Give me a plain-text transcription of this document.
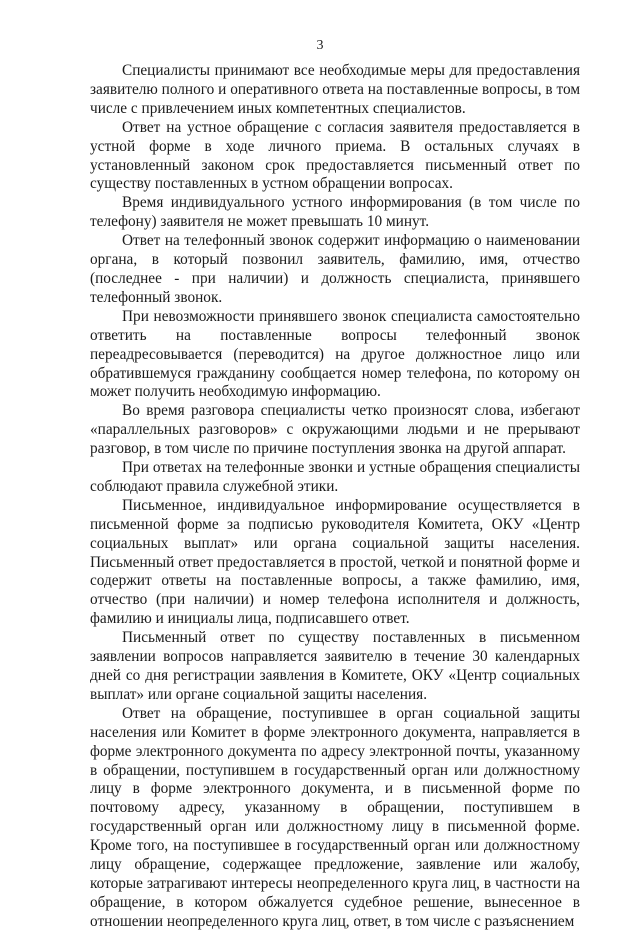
3

Специалисты принимают все необходимые меры для предоставления заявителю полного и оперативного ответа на поставленные вопросы, в том числе с привлечением иных компетентных специалистов.

Ответ на устное обращение с согласия заявителя предоставляется в устной форме в ходе личного приема. В остальных случаях в установленный законом срок предоставляется письменный ответ по существу поставленных в устном обращении вопросах.

Время индивидуального устного информирования (в том числе по телефону) заявителя не может превышать 10 минут.

Ответ на телефонный звонок содержит информацию о наименовании органа, в который позвонил заявитель, фамилию, имя, отчество (последнее - при наличии) и должность специалиста, принявшего телефонный звонок.

При невозможности принявшего звонок специалиста самостоятельно ответить на поставленные вопросы телефонный звонок переадресовывается (переводится) на другое должностное лицо или обратившемуся гражданину сообщается номер телефона, по которому он может получить необходимую информацию.

Во время разговора специалисты четко произносят слова, избегают «параллельных разговоров» с окружающими людьми и не прерывают разговор, в том числе по причине поступления звонка на другой аппарат.

При ответах на телефонные звонки и устные обращения специалисты соблюдают правила служебной этики.

Письменное, индивидуальное информирование осуществляется в письменной форме за подписью руководителя Комитета, ОКУ «Центр социальных выплат» или органа социальной защиты населения. Письменный ответ предоставляется в простой, четкой и понятной форме и содержит ответы на поставленные вопросы, а также фамилию, имя, отчество (при наличии) и номер телефона исполнителя и должность, фамилию и инициалы лица, подписавшего ответ.

Письменный ответ по существу поставленных в письменном заявлении вопросов направляется заявителю в течение 30 календарных дней со дня регистрации заявления в Комитете, ОКУ «Центр социальных выплат» или органе социальной защиты населения.

Ответ на обращение, поступившее в орган социальной защиты населения или Комитет в форме электронного документа, направляется в форме электронного документа по адресу электронной почты, указанному в обращении, поступившем в государственный орган или должностному лицу в форме электронного документа, и в письменной форме по почтовому адресу, указанному в обращении, поступившем в государственный орган или должностному лицу в письменной форме. Кроме того, на поступившее в государственный орган или должностному лицу обращение, содержащее предложение, заявление или жалобу, которые затрагивают интересы неопределенного круга лиц, в частности на обращение, в котором обжалуется судебное решение, вынесенное в отношении неопределенного круга лиц, ответ, в том числе с разъяснением
